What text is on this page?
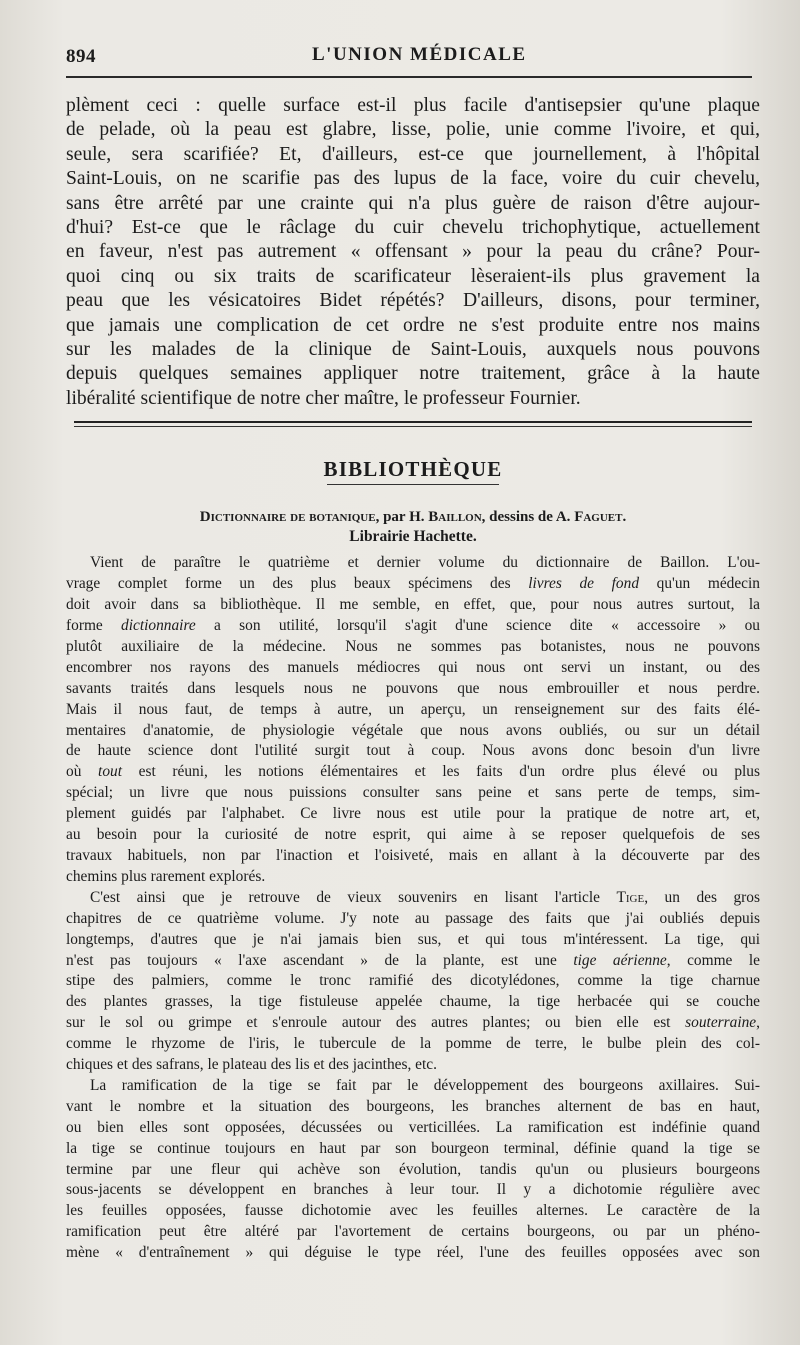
894	L'UNION MÉDICALE
plèment ceci : quelle surface est-il plus facile d'antisepsier qu'une plaque
de pelade, où la peau est glabre, lisse, polie, unie comme l'ivoire, et qui,
seule, sera scarifiée? Et, d'ailleurs, est-ce que journellement, à l'hôpital
Saint-Louis, on ne scarifie pas des lupus de la face, voire du cuir chevelu,
sans être arrêté par une crainte qui n'a plus guère de raison d'être aujour-
d'hui? Est-ce que le râclage du cuir chevelu trichophytique, actuellement
en faveur, n'est pas autrement « offensant » pour la peau du crâne? Pour-
quoi cinq ou six traits de scarificateur lèseraient-ils plus gravement la
peau que les vésicatoires Bidet répétés? D'ailleurs, disons, pour terminer,
que jamais une complication de cet ordre ne s'est produite entre nos mains
sur les malades de la clinique de Saint-Louis, auxquels nous pouvons
depuis quelques semaines appliquer notre traitement, grâce à la haute
libéralité scientifique de notre cher maître, le professeur Fournier.
BIBLIOTHÈQUE
Dictionnaire de botanique, par H. Baillon, dessins de A. Faguet.
Librairie Hachette.
Vient de paraître le quatrième et dernier volume du dictionnaire de Baillon. L'ou-
vrage complet forme un des plus beaux spécimens des livres de fond qu'un médecin
doit avoir dans sa bibliothèque. Il me semble, en effet, que, pour nous autres surtout, la
forme dictionnaire a son utilité, lorsqu'il s'agit d'une science dite « accessoire » ou
plutôt auxiliaire de la médecine. Nous ne sommes pas botanistes, nous ne pouvons
encombrer nos rayons des manuels médiocres qui nous ont servi un instant, ou des
savants traités dans lesquels nous ne pouvons que nous embrouiller et nous perdre.
Mais il nous faut, de temps à autre, un aperçu, un renseignement sur des faits élé-
mentaires d'anatomie, de physiologie végétale que nous avons oubliés, ou sur un détail
de haute science dont l'utilité surgit tout à coup. Nous avons donc besoin d'un livre
où tout est réuni, les notions élémentaires et les faits d'un ordre plus élevé ou plus
spécial; un livre que nous puissions consulter sans peine et sans perte de temps, sim-
plement guidés par l'alphabet. Ce livre nous est utile pour la pratique de notre art, et,
au besoin pour la curiosité de notre esprit, qui aime à se reposer quelquefois de ses
travaux habituels, non par l'inaction et l'oisiveté, mais en allant à la découverte par des
chemins plus rarement explorés.
C'est ainsi que je retrouve de vieux souvenirs en lisant l'article Tige, un des gros
chapitres de ce quatrième volume. J'y note au passage des faits que j'ai oubliés depuis
longtemps, d'autres que je n'ai jamais bien sus, et qui tous m'intéressent. La tige, qui
n'est pas toujours « l'axe ascendant » de la plante, est une tige aérienne, comme le
stipe des palmiers, comme le tronc ramifié des dicotylédones, comme la tige charnue
des plantes grasses, la tige fistuleuse appelée chaume, la tige herbacée qui se couche
sur le sol ou grimpe et s'enroule autour des autres plantes; ou bien elle est souterraine,
comme le rhyzome de l'iris, le tubercule de la pomme de terre, le bulbe plein des col-
chiques et des safrans, le plateau des lis et des jacinthes, etc.
La ramification de la tige se fait par le développement des bourgeons axillaires. Sui-
vant le nombre et la situation des bourgeons, les branches alternent de bas en haut,
ou bien elles sont opposées, décussées ou verticillées. La ramification est indéfinie quand
la tige se continue toujours en haut par son bourgeon terminal, définie quand la tige se
termine par une fleur qui achève son évolution, tandis qu'un ou plusieurs bourgeons
sous-jacents se développent en branches à leur tour. Il y a dichotomie régulière avec
les feuilles opposées, fausse dichotomie avec les feuilles alternes. Le caractère de la
ramification peut être altéré par l'avortement de certains bourgeons, ou par un phéno-
mène « d'entraînement » qui déguise le type réel, l'une des feuilles opposées avec son
